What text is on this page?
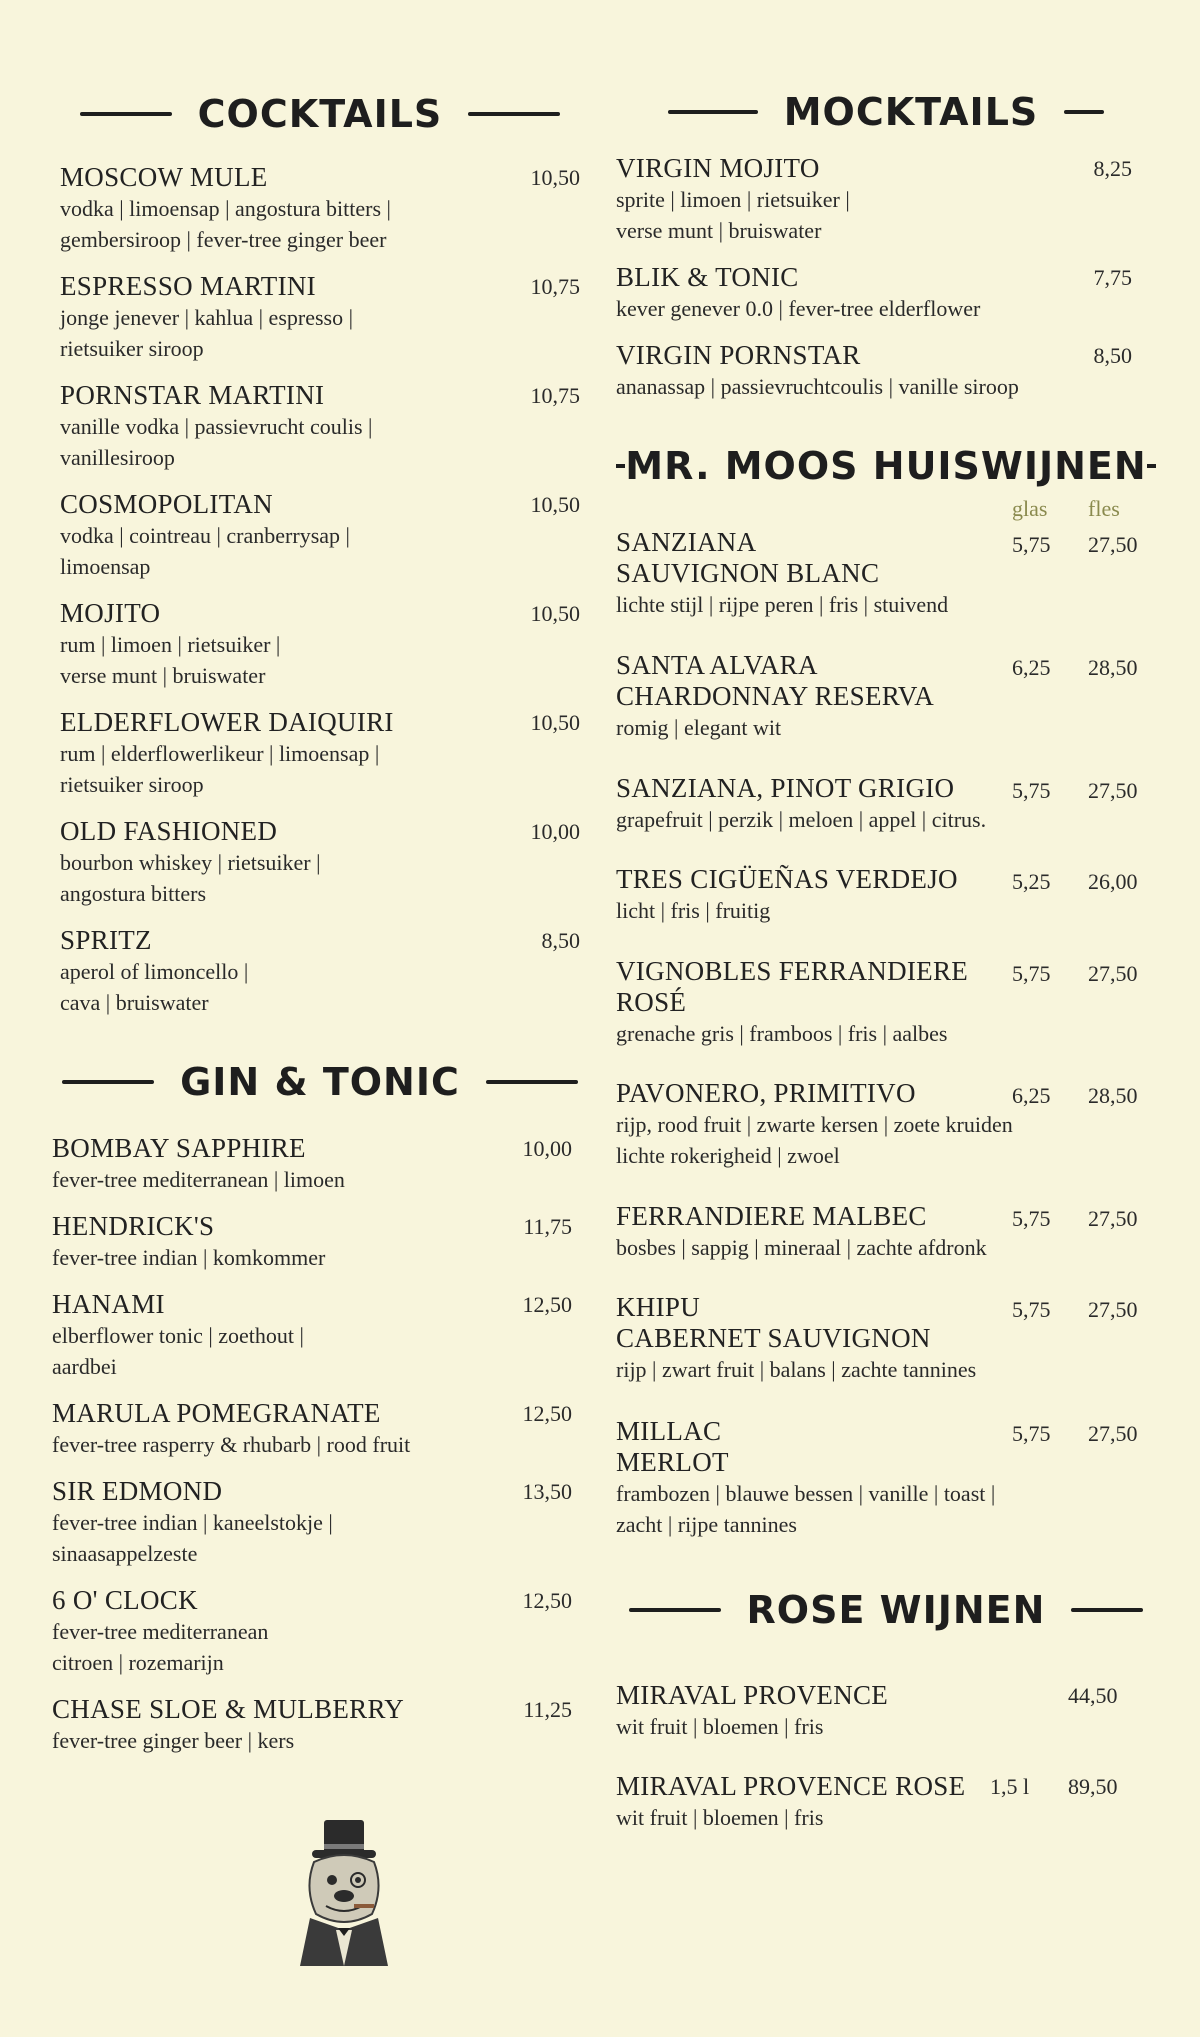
COCKTAILS
MOSCOW MULE	10,50
vodka | limoensap | angostura bitters |
gembersiroop | fever-tree ginger beer
ESPRESSO MARTINI	10,75
jonge jenever | kahlua | espresso |
rietsuiker siroop
PORNSTAR MARTINI	10,75
vanille vodka | passievrucht coulis |
vanillesiroop
COSMOPOLITAN	10,50
vodka | cointreau | cranberrysap |
limoensap
MOJITO	10,50
rum | limoen | rietsuiker |
verse munt | bruiswater
ELDERFLOWER DAIQUIRI	10,50
rum | elderflowerlikeur | limoensap |
rietsuiker siroop
OLD FASHIONED	10,00
bourbon whiskey | rietsuiker |
angostura bitters
SPRITZ	8,50
aperol of limoncello |
cava | bruiswater
GIN & TONIC
BOMBAY SAPPHIRE	10,00
fever-tree mediterranean | limoen
HENDRICK'S	11,75
fever-tree indian | komkommer
HANAMI	12,50
elberflower tonic | zoethout |
aardbei
MARULA POMEGRANATE	12,50
fever-tree rasperry & rhubarb | rood fruit
SIR EDMOND	13,50
fever-tree indian | kaneelstokje |
sinaasappelzeste
6 O' CLOCK	12,50
fever-tree mediterranean
citroen | rozemarijn
CHASE SLOE & MULBERRY	11,25
fever-tree ginger beer | kers
MOCKTAILS
VIRGIN MOJITO	8,25
sprite | limoen | rietsuiker |
verse munt | bruiswater
BLIK & TONIC	7,75
kever genever 0.0 | fever-tree elderflower
VIRGIN PORNSTAR	8,50
ananassap | passievruchtcoulis | vanille siroop
MR. MOOS HUISWIJNEN
glas fles
SANZIANA
SAUVIGNON BLANC
5,75 27,50
lichte stijl | rijpe peren | fris | stuivend
SANTA ALVARA
CHARDONNAY RESERVA
6,25 28,50
romig | elegant wit
SANZIANA, PINOT GRIGIO	5,75 27,50
grapefruit | perzik | meloen | appel | citrus.
TRES CIGÜEÑAS VERDEJO	5,25 26,00
licht | fris | fruitig
VIGNOBLES FERRANDIERE
ROSÉ
5,75 27,50
grenache gris | framboos | fris | aalbes
PAVONERO, PRIMITIVO	6,25 28,50
rijp, rood fruit | zwarte kersen | zoete kruiden
lichte rokerigheid | zwoel
FERRANDIERE MALBEC	5,75 27,50
bosbes | sappig | mineraal | zachte afdronk
KHIPU
CABERNET SAUVIGNON
5,75 27,50
rijp | zwart fruit | balans | zachte tannines
MILLAC
MERLOT
5,75 27,50
frambozen | blauwe bessen | vanille | toast |
zacht | rijpe tannines
ROSE WIJNEN
MIRAVAL PROVENCE	44,50
wit fruit | bloemen | fris
MIRAVAL PROVENCE ROSE 1,5 l 89,50
wit fruit | bloemen | fris
